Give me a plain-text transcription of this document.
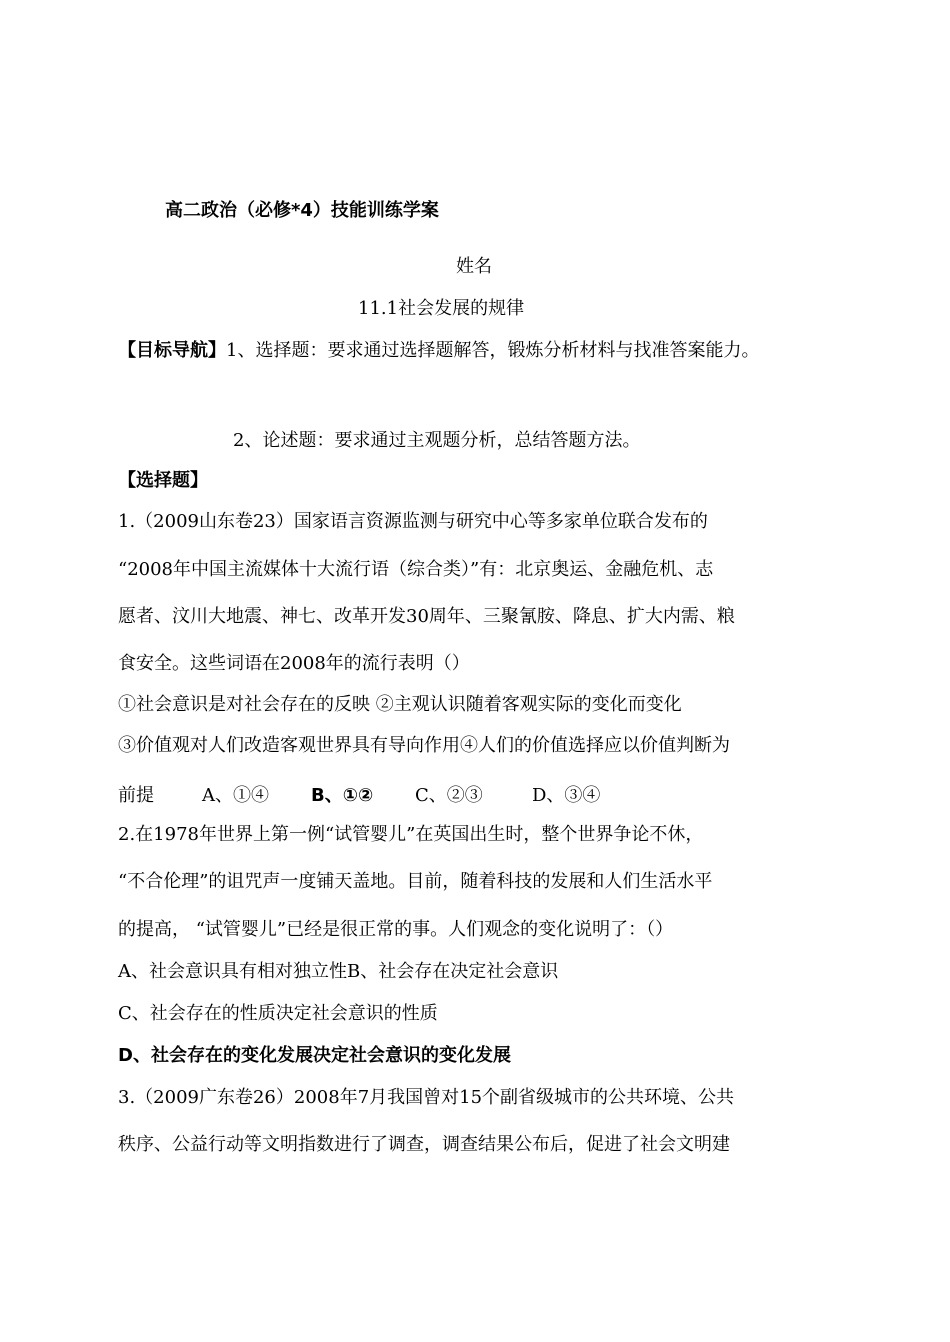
高二政治（必修*4）技能训练学案
姓名
11.1社会发展的规律
【目标导航】1、选择题：要求通过选择题解答，锻炼分析材料与找准答案能力。
2、论述题：要求通过主观题分析，总结答题方法。
【选择题】
1.（2009山东卷23）国家语言资源监测与研究中心等多家单位联合发布的
“2008年中国主流媒体十大流行语（综合类）”有：北京奥运、金融危机、志
愿者、汶川大地震、神七、改革开发30周年、三聚氰胺、降息、扩大内需、粮
食安全。这些词语在2008年的流行表明（）
①社会意识是对社会存在的反映 ②主观认识随着客观实际的变化而变化
③价值观对人们改造客观世界具有导向作用④人们的价值选择应以价值判断为
前提	A、①④ B、①② C、②③	D、③④
2.在1978年世界上第一例“试管婴儿”在英国出生时，整个世界争论不休，
“不合伦理”的诅咒声一度铺天盖地。目前，随着科技的发展和人们生活水平
的提高， “试管婴儿”已经是很正常的事。人们观念的变化说明了：（）
A、社会意识具有相对独立性B、社会存在决定社会意识
C、社会存在的性质决定社会意识的性质
D、社会存在的变化发展决定社会意识的变化发展
3.（2009广东卷26）2008年7月我国曾对15个副省级城市的公共环境、公共
秩序、公益行动等文明指数进行了调查，调查结果公布后，促进了社会文明建
